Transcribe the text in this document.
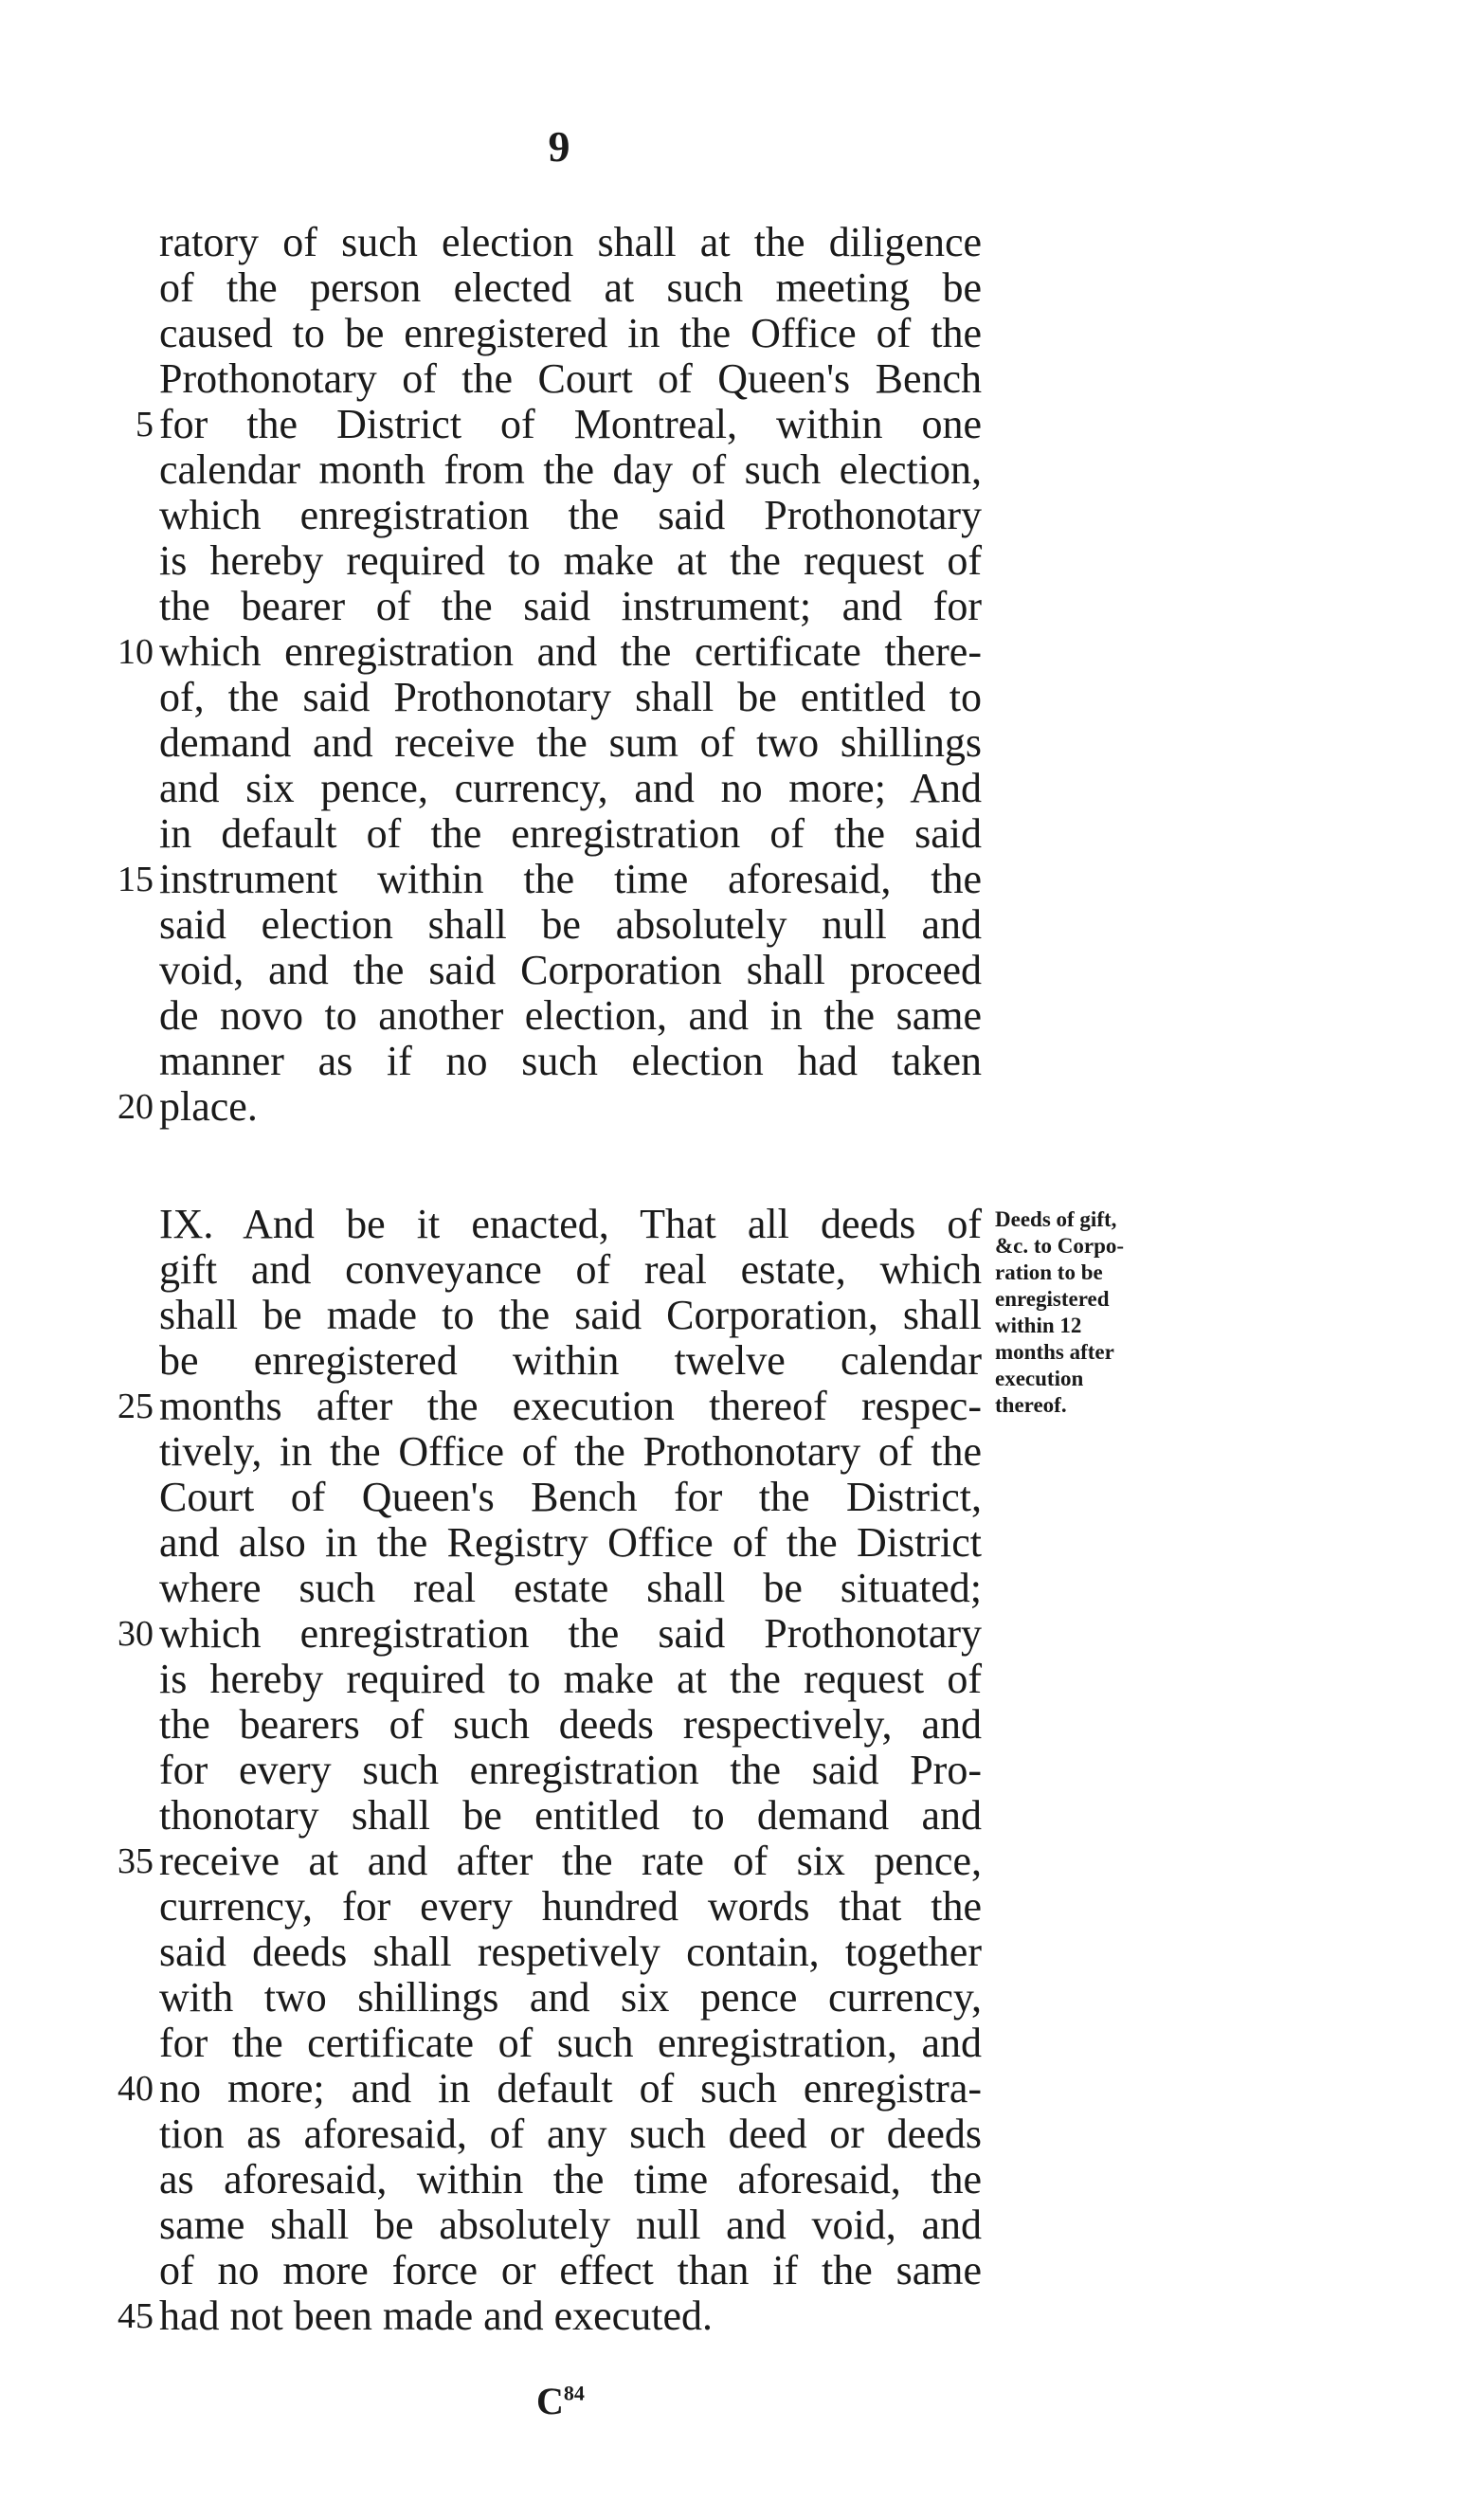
9
ratory of such election shall at the diligence
of the person elected at such meeting be
caused to be enregistered in the Office of the
Prothonotary of the Court of Queen's Bench
for the District of Montreal, within one
calendar month from the day of such election,
which enregistration the said Prothonotary
is hereby required to make at the request of
the bearer of the said instrument; and for
which enregistration and the certificate there-
of, the said Prothonotary shall be entitled to
demand and receive the sum of two shillings
and six pence, currency, and no more; And
in default of the enregistration of the said
instrument within the time aforesaid, the
said election shall be absolutely null and
void, and the said Corporation shall proceed
de novo to another election, and in the same
manner as if no such election had taken
place.
5
10
15
20
IX. And be it enacted, That all deeds of
gift and conveyance of real estate, which
shall be made to the said Corporation, shall
be enregistered within twelve calendar
months after the execution thereof respec-
tively, in the Office of the Prothonotary of the
Court of Queen's Bench for the District,
and also in the Registry Office of the District
where such real estate shall be situated;
which enregistration the said Prothonotary
is hereby required to make at the request of
the bearers of such deeds respectively, and
for every such enregistration the said Pro-
thonotary shall be entitled to demand and
receive at and after the rate of six pence,
currency, for every hundred words that the
said deeds shall respetively contain, together
with two shillings and six pence currency,
for the certificate of such enregistration, and
no more; and in default of such enregistra-
tion as aforesaid, of any such deed or deeds
as aforesaid, within the time aforesaid, the
same shall be absolutely null and void, and
of no more force or effect than if the same
had not been made and executed.
25
30
35
40
45
Deeds of gift,
&c. to Corpo-
ration to be
enregistered
within 12
months after
execution
thereof.
$C^{84}$
